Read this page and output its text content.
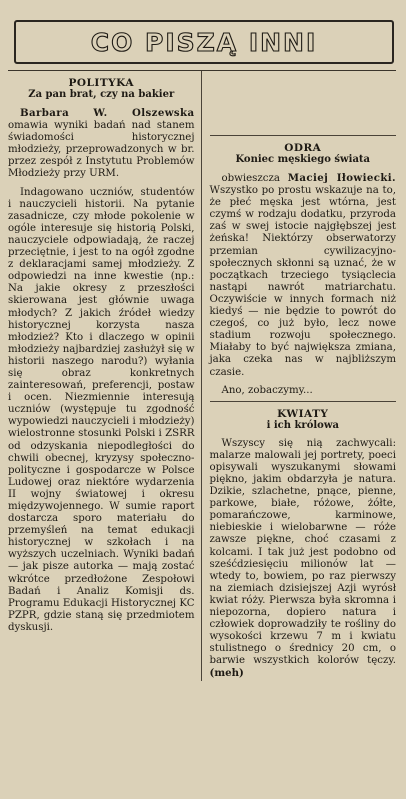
CO PISZĄ INNI
POLITYKA
Za pan brat, czy na bakier

Barbara W. Olszewska omawia wyniki badań nad stanem świadomości historycznej młodzieży, przeprowadzonych w br. przez zespół z Instytutu Problemów Młodzieży przy URM.

Indagowano uczniów, studentów i nauczycieli historii. Na pytanie zasadnicze, czy młode pokolenie w ogóle interesuje się historią Polski, nauczyciele odpowiadają, że raczej przeciętnie, i jest to na ogół zgodne z deklaracjami samej młodzieży. Z odpowiedzi na inne kwestie (np.: Na jakie okresy z przeszłości skierowana jest głównie uwaga młodych? Z jakich źródeł wiedzy historycznej korzysta nasza młodzież? Kto i dlaczego w opinii młodzieży najbardziej zasłużył się w historii naszego narodu?) wyłania się obraz konkretnych zainteresowań, preferencji, postaw i ocen. Niezmiennie interesują uczniów (występuje tu zgodność wypowiedzi nauczycieli i młodzieży) wielostronne stosunki Polski i ZSRR od odzyskania niepodległości do chwili obecnej, kryzysy społeczno-polityczne i gospodarcze w Polsce Ludowej oraz niektóre wydarzenia II wojny światowej i okresu międzywojennego. W sumie raport dostarcza sporo materiału do przemyśleń na temat edukacji historycznej w szkołach i na wyższych uczelniach. Wyniki badań — jak pisze autorka — mają zostać wkrótce przedłożone Zespołowi Badań i Analiz Komisji ds. Programu Edukacji Historycznej KC PZPR, gdzie staną się przedmiotem dyskusji.

ODRA
Koniec męskiego świata

obwieszcza Maciej Iłowiecki. Wszystko po prostu wskazuje na to, że płeć męska jest wtórna, jest czymś w rodzaju dodatku, przyroda zaś w swej istocie najgłębszej jest żeńska! Niektórzy obserwatorzy przemian cywilizacyjno-społecznych skłonni są uznać, że w początkach trzeciego tysiąclecia nastąpi nawrót matriarchatu. Oczywiście w innych formach niż kiedyś — nie będzie to powrót do czegoś, co już było, lecz nowe stadium rozwoju społecznego. Miałaby to być największa zmiana, jaka czeka nas w najbliższym czasie.

Ano, zobaczymy...

KWIATY
i ich królowa

Wszyscy się nią zachwycali: malarze malowali jej portrety, poeci opisywali wyszukanymi słowami piękno, jakim obdarzyła je natura. Dzikie, szlachetne, pnące, pienne, parkowe, białe, różowe, żółte, pomarańczowe, karminowe, niebieskie i wielobarwne — róże zawsze piękne, choć czasami z kolcami. I tak już jest podobno od sześćdziesięciu milionów lat — wtedy to, bowiem, po raz pierwszy na ziemiach dzisiejszej Azji wyrósł kwiat róży. Pierwsza była skromna i niepozorna, dopiero natura i człowiek doprowadziły te rośliny do wysokości krzewu 7 m i kwiatu stulistnego o średnicy 20 cm, o barwie wszystkich kolorów tęczy. (meh)
